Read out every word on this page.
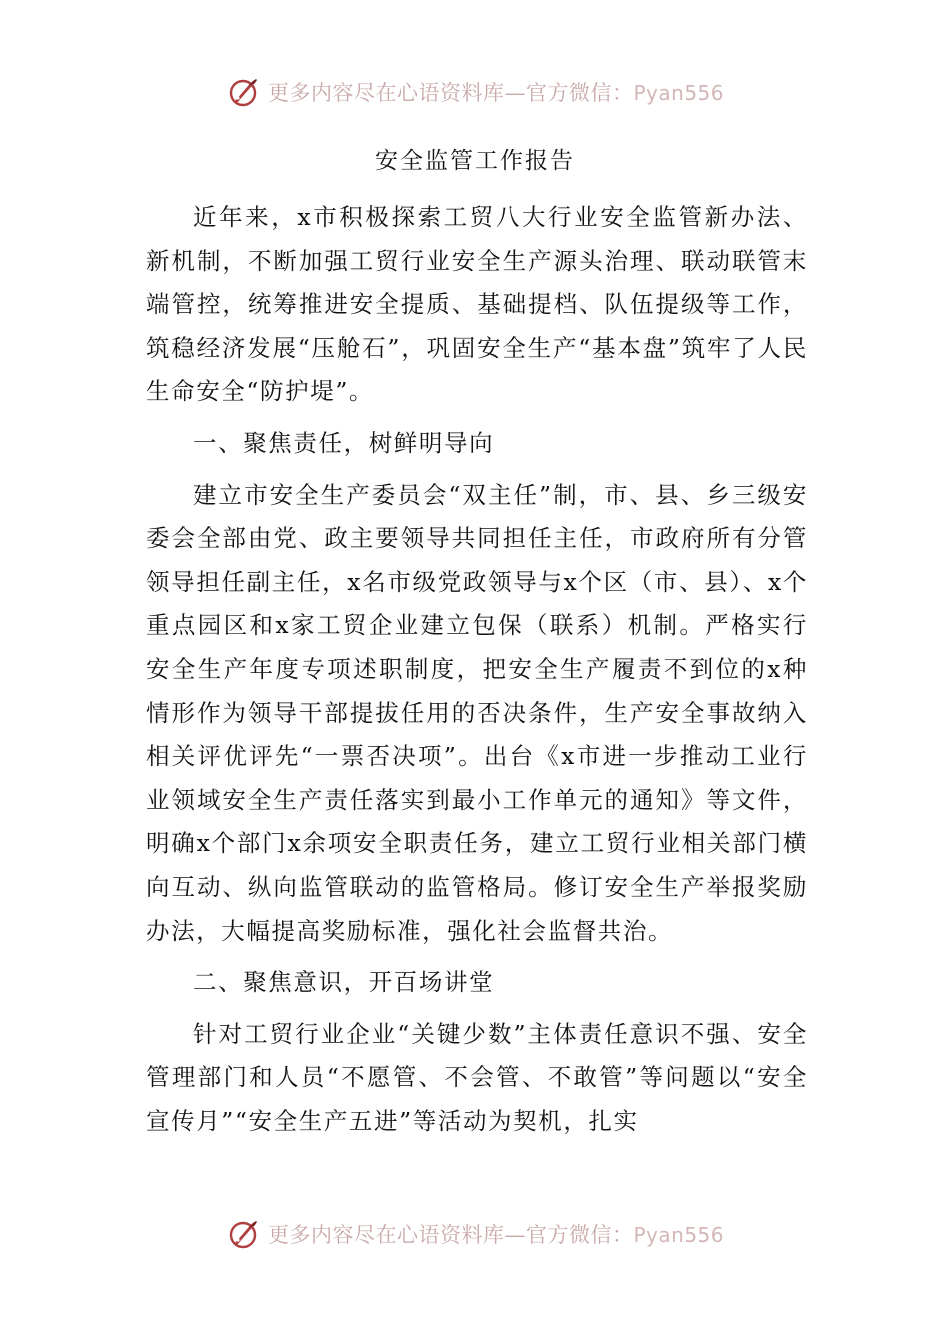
更多内容尽在心语资料库—官方微信：Pyan556
安全监管工作报告

近年来，x市积极探索工贸八大行业安全监管新办法、新机制，不断加强工贸行业安全生产源头治理、联动联管末端管控，统筹推进安全提质、基础提档、队伍提级等工作，筑稳经济发展“压舱石”，巩固安全生产“基本盘”筑牢了人民生命安全“防护堤”。

一、聚焦责任，树鲜明导向

建立市安全生产委员会“双主任”制，市、县、乡三级安委会全部由党、政主要领导共同担任主任，市政府所有分管领导担任副主任，x名市级党政领导与x个区（市、县）、x个重点园区和x家工贸企业建立包保（联系）机制。严格实行安全生产年度专项述职制度，把安全生产履责不到位的x种情形作为领导干部提拔任用的否决条件，生产安全事故纳入相关评优评先“一票否决项”。出台《x市进一步推动工业行业领域安全生产责任落实到最小工作单元的通知》等文件，明确x个部门x余项安全职责任务，建立工贸行业相关部门横向互动、纵向监管联动的监管格局。修订安全生产举报奖励办法，大幅提高奖励标准，强化社会监督共治。

二、聚焦意识，开百场讲堂

针对工贸行业企业“关键少数”主体责任意识不强、安全管理部门和人员“不愿管、不会管、不敢管”等问题以“安全宣传月”“安全生产五进”等活动为契机，扎实

更多内容尽在心语资料库—官方微信：Pyan556
